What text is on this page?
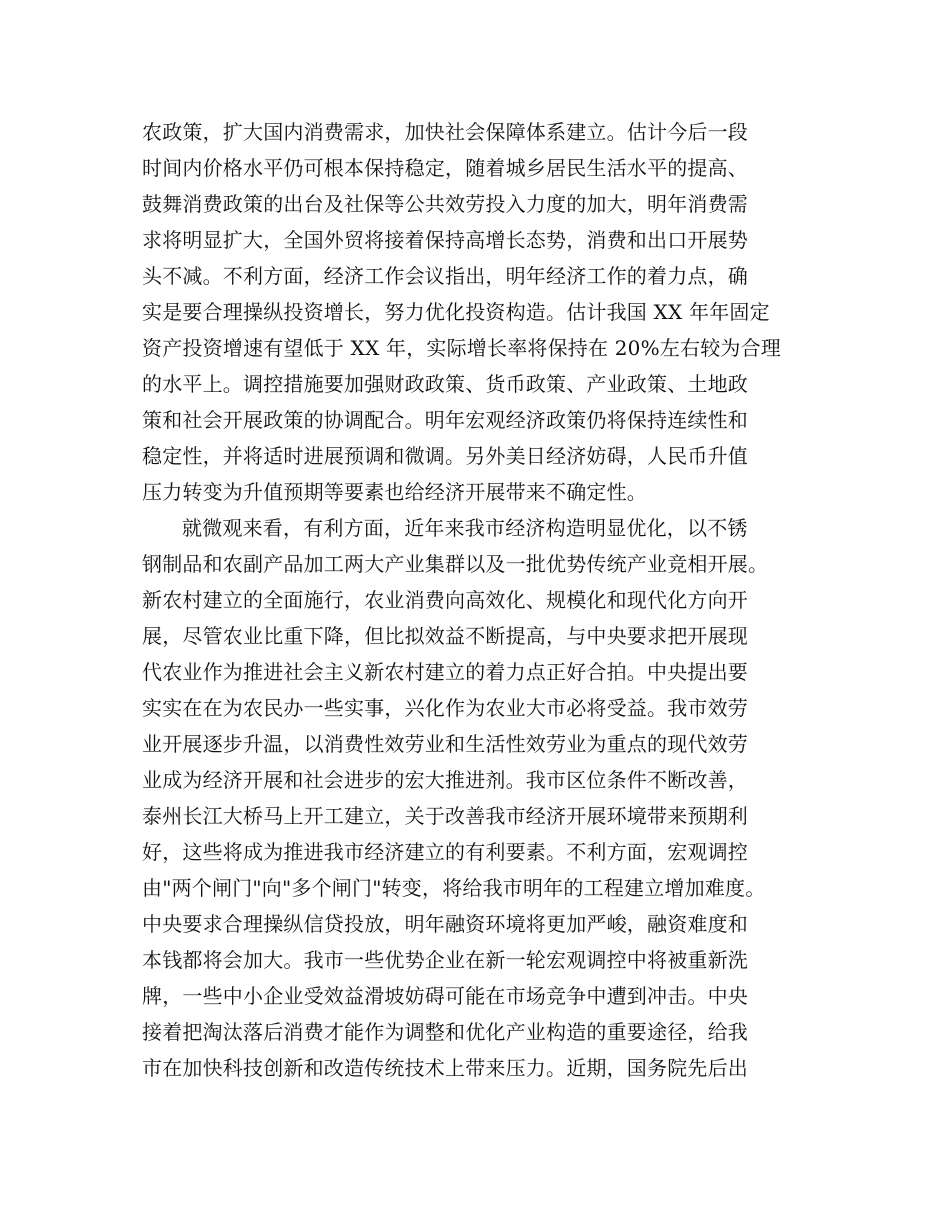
农政策，扩大国内消费需求，加快社会保障体系建立。估计今后一段
时间内价格水平仍可根本保持稳定，随着城乡居民生活水平的提高、
鼓舞消费政策的出台及社保等公共效劳投入力度的加大，明年消费需
求将明显扩大，全国外贸将接着保持高增长态势，消费和出口开展势
头不减。不利方面，经济工作会议指出，明年经济工作的着力点，确
实是要合理操纵投资增长，努力优化投资构造。估计我国 XX 年年固定
资产投资增速有望低于 XX 年，实际增长率将保持在 20%左右较为合理
的水平上。调控措施要加强财政政策、货币政策、产业政策、土地政
策和社会开展政策的协调配合。明年宏观经济政策仍将保持连续性和
稳定性，并将适时进展预调和微调。另外美日经济妨碍，人民币升值
压力转变为升值预期等要素也给经济开展带来不确定性。
就微观来看，有利方面，近年来我市经济构造明显优化，以不锈
钢制品和农副产品加工两大产业集群以及一批优势传统产业竞相开展。
新农村建立的全面施行，农业消费向高效化、规模化和现代化方向开
展，尽管农业比重下降，但比拟效益不断提高，与中央要求把开展现
代农业作为推进社会主义新农村建立的着力点正好合拍。中央提出要
实实在在为农民办一些实事，兴化作为农业大市必将受益。我市效劳
业开展逐步升温，以消费性效劳业和生活性效劳业为重点的现代效劳
业成为经济开展和社会进步的宏大推进剂。我市区位条件不断改善，
泰州长江大桥马上开工建立，关于改善我市经济开展环境带来预期利
好，这些将成为推进我市经济建立的有利要素。不利方面，宏观调控
由"两个闸门"向"多个闸门"转变，将给我市明年的工程建立增加难度。
中央要求合理操纵信贷投放，明年融资环境将更加严峻，融资难度和
本钱都将会加大。我市一些优势企业在新一轮宏观调控中将被重新洗
牌，一些中小企业受效益滑坡妨碍可能在市场竞争中遭到冲击。中央
接着把淘汰落后消费才能作为调整和优化产业构造的重要途径，给我
市在加快科技创新和改造传统技术上带来压力。近期，国务院先后出
